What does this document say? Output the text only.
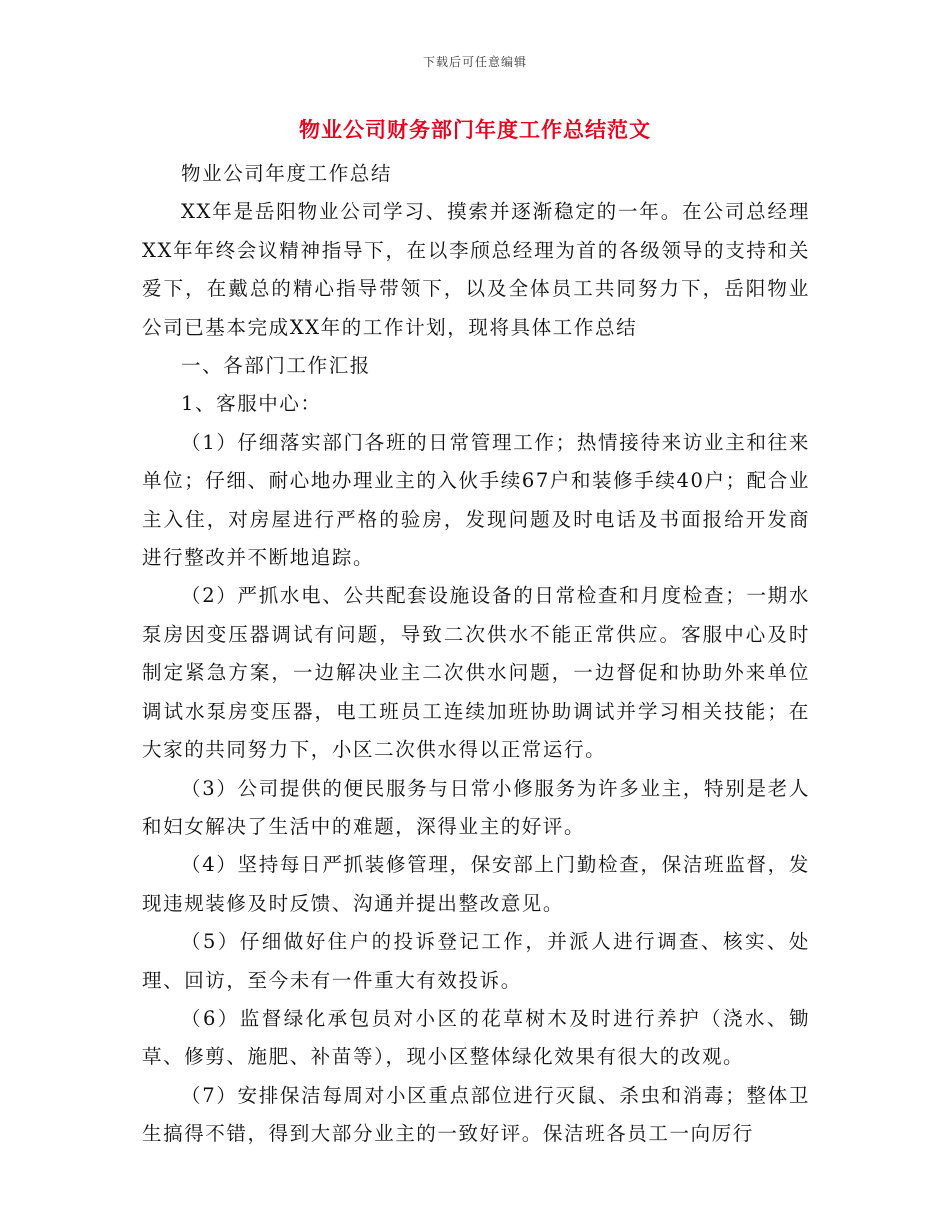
下载后可任意编辑
物业公司财务部门年度工作总结范文

物业公司年度工作总结

XX年是岳阳物业公司学习、摸索并逐渐稳定的一年。在公司总经理XX年年终会议精神指导下，在以李颀总经理为首的各级领导的支持和关爱下，在戴总的精心指导带领下，以及全体员工共同努力下，岳阳物业公司已基本完成XX年的工作计划，现将具体工作总结

一、各部门工作汇报

1、客服中心：

（1）仔细落实部门各班的日常管理工作；热情接待来访业主和往来单位；仔细、耐心地办理业主的入伙手续67户和装修手续40户；配合业主入住，对房屋进行严格的验房，发现问题及时电话及书面报给开发商进行整改并不断地追踪。

（2）严抓水电、公共配套设施设备的日常检查和月度检查；一期水泵房因变压器调试有问题，导致二次供水不能正常供应。客服中心及时制定紧急方案，一边解决业主二次供水问题，一边督促和协助外来单位调试水泵房变压器，电工班员工连续加班协助调试并学习相关技能；在大家的共同努力下，小区二次供水得以正常运行。

（3）公司提供的便民服务与日常小修服务为许多业主，特别是老人和妇女解决了生活中的难题，深得业主的好评。

（4）坚持每日严抓装修管理，保安部上门勤检查，保洁班监督，发现违规装修及时反馈、沟通并提出整改意见。

（5）仔细做好住户的投诉登记工作，并派人进行调查、核实、处理、回访，至今未有一件重大有效投诉。

（6）监督绿化承包员对小区的花草树木及时进行养护（浇水、锄草、修剪、施肥、补苗等），现小区整体绿化效果有很大的改观。

（7）安排保洁每周对小区重点部位进行灭鼠、杀虫和消毒；整体卫生搞得不错，得到大部分业主的一致好评。保洁班各员工一向厉行
